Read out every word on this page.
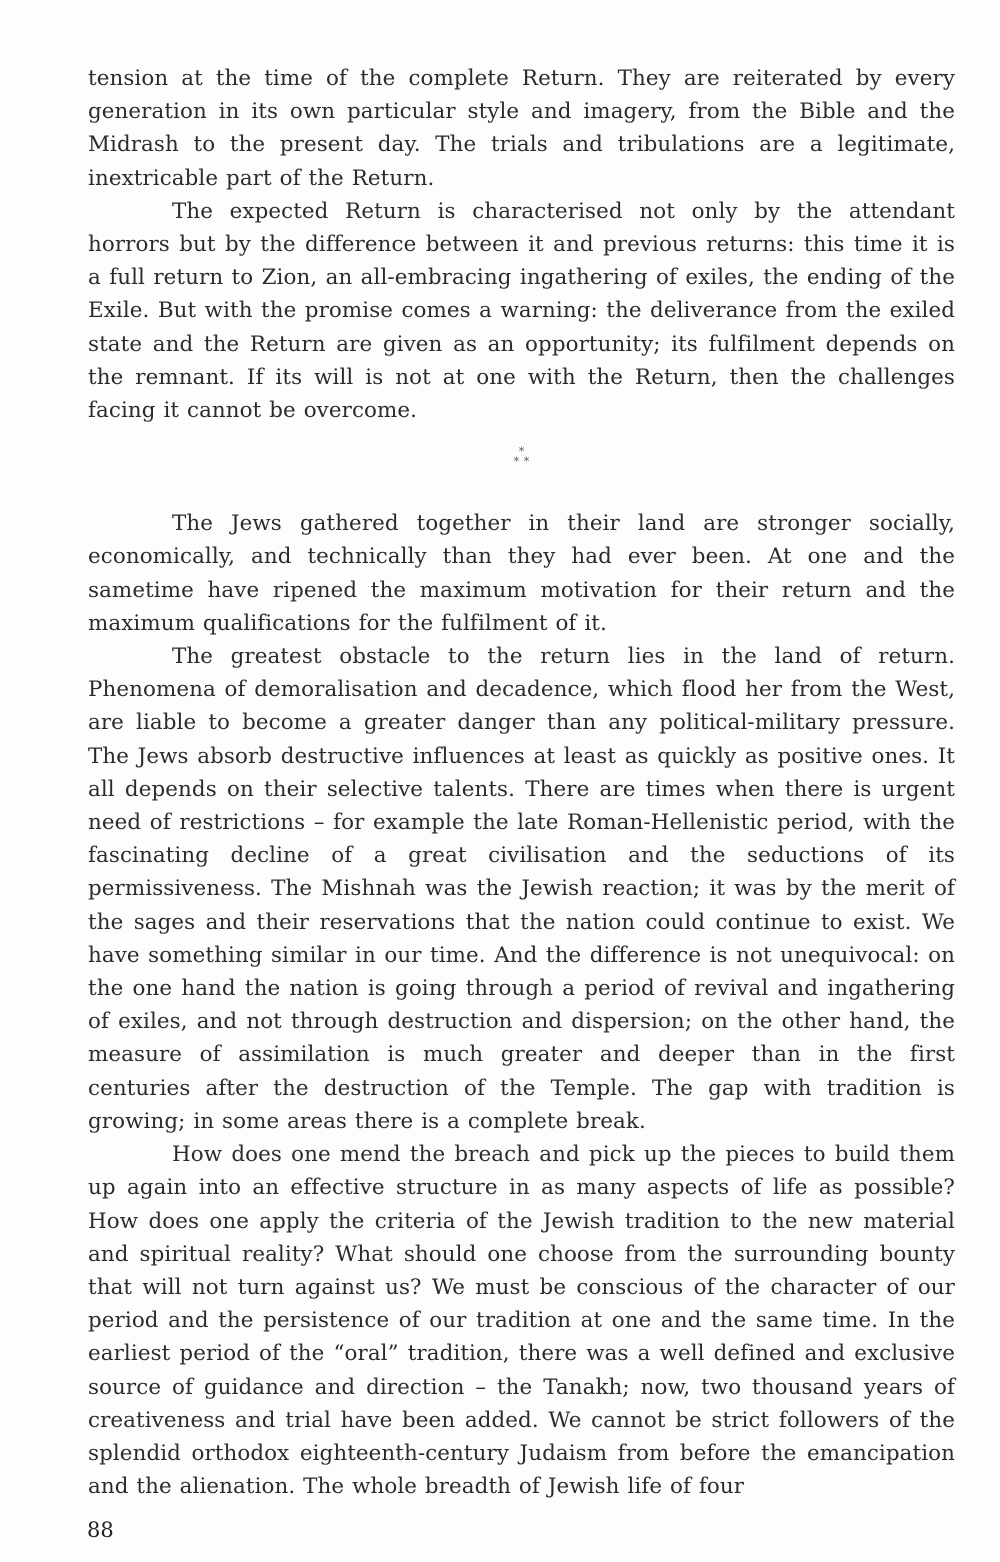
tension at the time of the complete Return. They are reiterated by every generation in its own particular style and imagery, from the Bible and the Midrash to the present day. The trials and tribulations are a legitimate, inextricable part of the Return.

The expected Return is characterised not only by the attendant horrors but by the difference between it and previous returns: this time it is a full return to Zion, an all-embracing ingathering of exiles, the ending of the Exile. But with the promise comes a warning: the deliverance from the exiled state and the Return are given as an opportunity; its fulfilment depends on the remnant. If its will is not at one with the Return, then the challenges facing it cannot be overcome.

*
* *

The Jews gathered together in their land are stronger socially, economically, and technically than they had ever been. At one and the sametime have ripened the maximum motivation for their return and the maximum qualifications for the fulfilment of it.

The greatest obstacle to the return lies in the land of return. Phenomena of demoralisation and decadence, which flood her from the West, are liable to become a greater danger than any political-military pressure. The Jews absorb destructive influences at least as quickly as positive ones. It all depends on their selective talents. There are times when there is urgent need of restrictions – for example the late Roman-Hellenistic period, with the fascinating decline of a great civilisation and the seductions of its permissiveness. The Mishnah was the Jewish reaction; it was by the merit of the sages and their reservations that the nation could continue to exist. We have something similar in our time. And the difference is not unequivocal: on the one hand the nation is going through a period of revival and ingathering of exiles, and not through destruction and dispersion; on the other hand, the measure of assimilation is much greater and deeper than in the first centuries after the destruction of the Temple. The gap with tradition is growing; in some areas there is a complete break.

How does one mend the breach and pick up the pieces to build them up again into an effective structure in as many aspects of life as possible? How does one apply the criteria of the Jewish tradition to the new material and spiritual reality? What should one choose from the surrounding bounty that will not turn against us? We must be conscious of the character of our period and the persistence of our tradition at one and the same time. In the earliest period of the “oral” tradition, there was a well defined and exclusive source of guidance and direction – the Tanakh; now, two thousand years of creativeness and trial have been added. We cannot be strict followers of the splendid orthodox eighteenth-century Judaism from before the emancipation and the alienation. The whole breadth of Jewish life of four

88
